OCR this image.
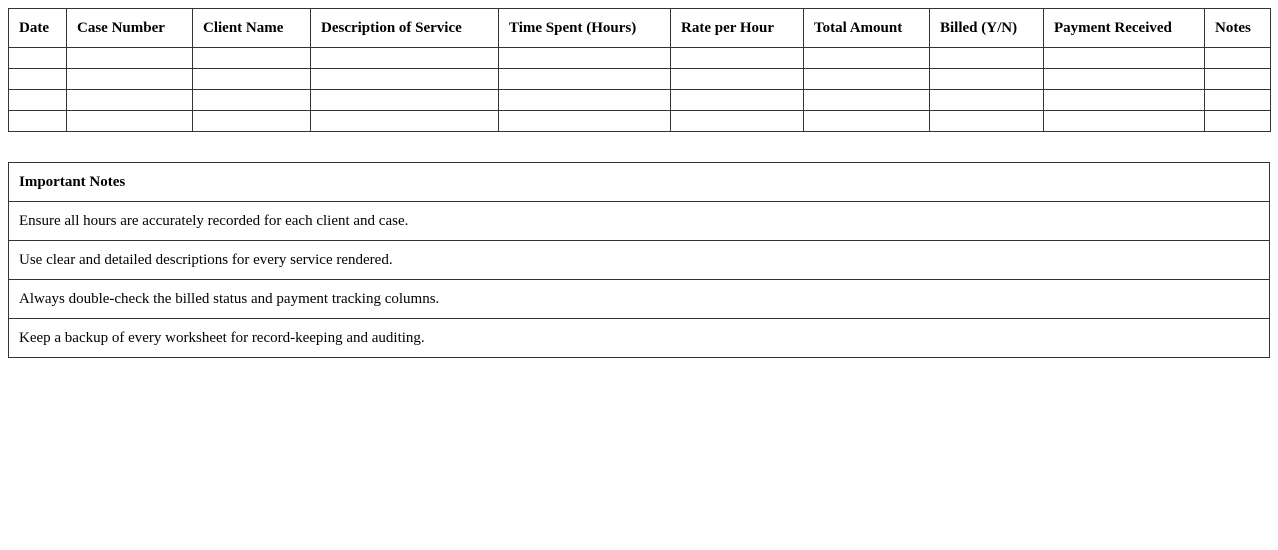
Date	Case Number	Client Name	Description of Service	Time Spent (Hours)	Rate per Hour	Total Amount	Billed (Y/N)	Payment Received	Notes

Important Notes
Ensure all hours are accurately recorded for each client and case.
Use clear and detailed descriptions for every service rendered.
Always double-check the billed status and payment tracking columns.
Keep a backup of every worksheet for record-keeping and auditing.
